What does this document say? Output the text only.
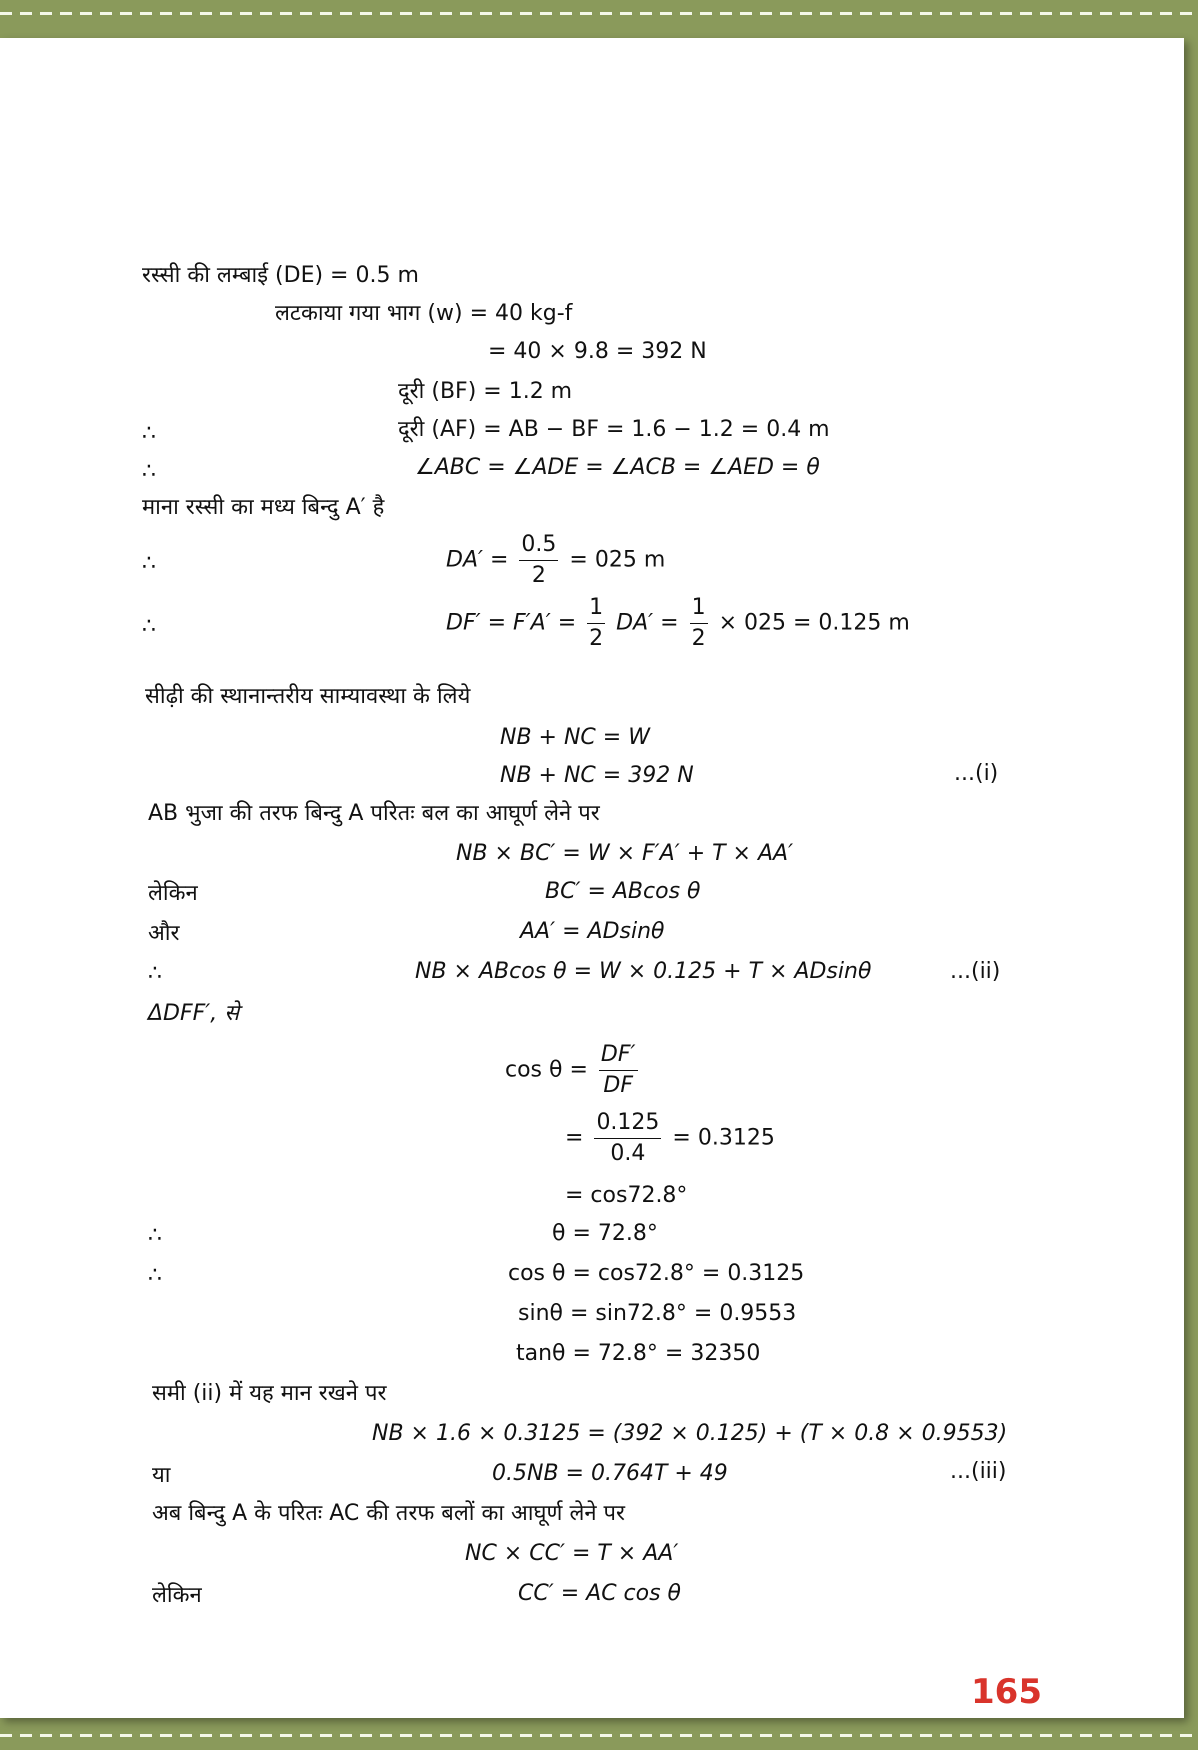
रस्सी की लम्बाई (DE) = 0.5 m
लटकाया गया भाग (w) = 40 kg-f
= 40 × 9.8 = 392 N
दूरी (BF) = 1.2 m
∴	दूरी (AF) = AB − BF = 1.6 − 1.2 = 0.4 m
∴	∠ABC = ∠ADE = ∠ACB = ∠AED = θ
माना रस्सी का मध्य बिन्दु A′ है
∴	$DA' = \frac{0.5}{2} = 025$ m
∴	$DF' = F'A' = \frac{1}{2} DA' = \frac{1}{2} \times 025 = 0.125$ m
सीढ़ी की स्थानान्तरीय साम्यावस्था के लिये
NB + NC = W
NB + NC = 392 N	...(i)
AB भुजा की तरफ बिन्दु A परितः बल का आघूर्ण लेने पर
NB × BC′ = W × F′A′ + T × AA′
लेकिन	BC′ = ABcos θ
और	AA′ = ADsinθ
∴	NB × ABcos θ = W × 0.125 + T × ADsinθ	...(ii)
ΔDFF′, से
$\cos \theta = \frac{DF'}{DF}$
= $\frac{0.125}{0.4} = 0.3125$
= cos72.8°
∴	θ = 72.8°
∴	cos θ = cos72.8° = 0.3125
sinθ = sin72.8° = 0.9553
tanθ = 72.8° = 32350
समी (ii) में यह मान रखने पर
NB × 1.6 × 0.3125 = (392 × 0.125) + (T × 0.8 × 0.9553)
या	0.5NB = 0.764T + 49	...(iii)
अब बिन्दु A के परितः AC की तरफ बलों का आघूर्ण लेने पर
NC × CC′ = T × AA′
लेकिन	CC′ = AC cos θ
165
